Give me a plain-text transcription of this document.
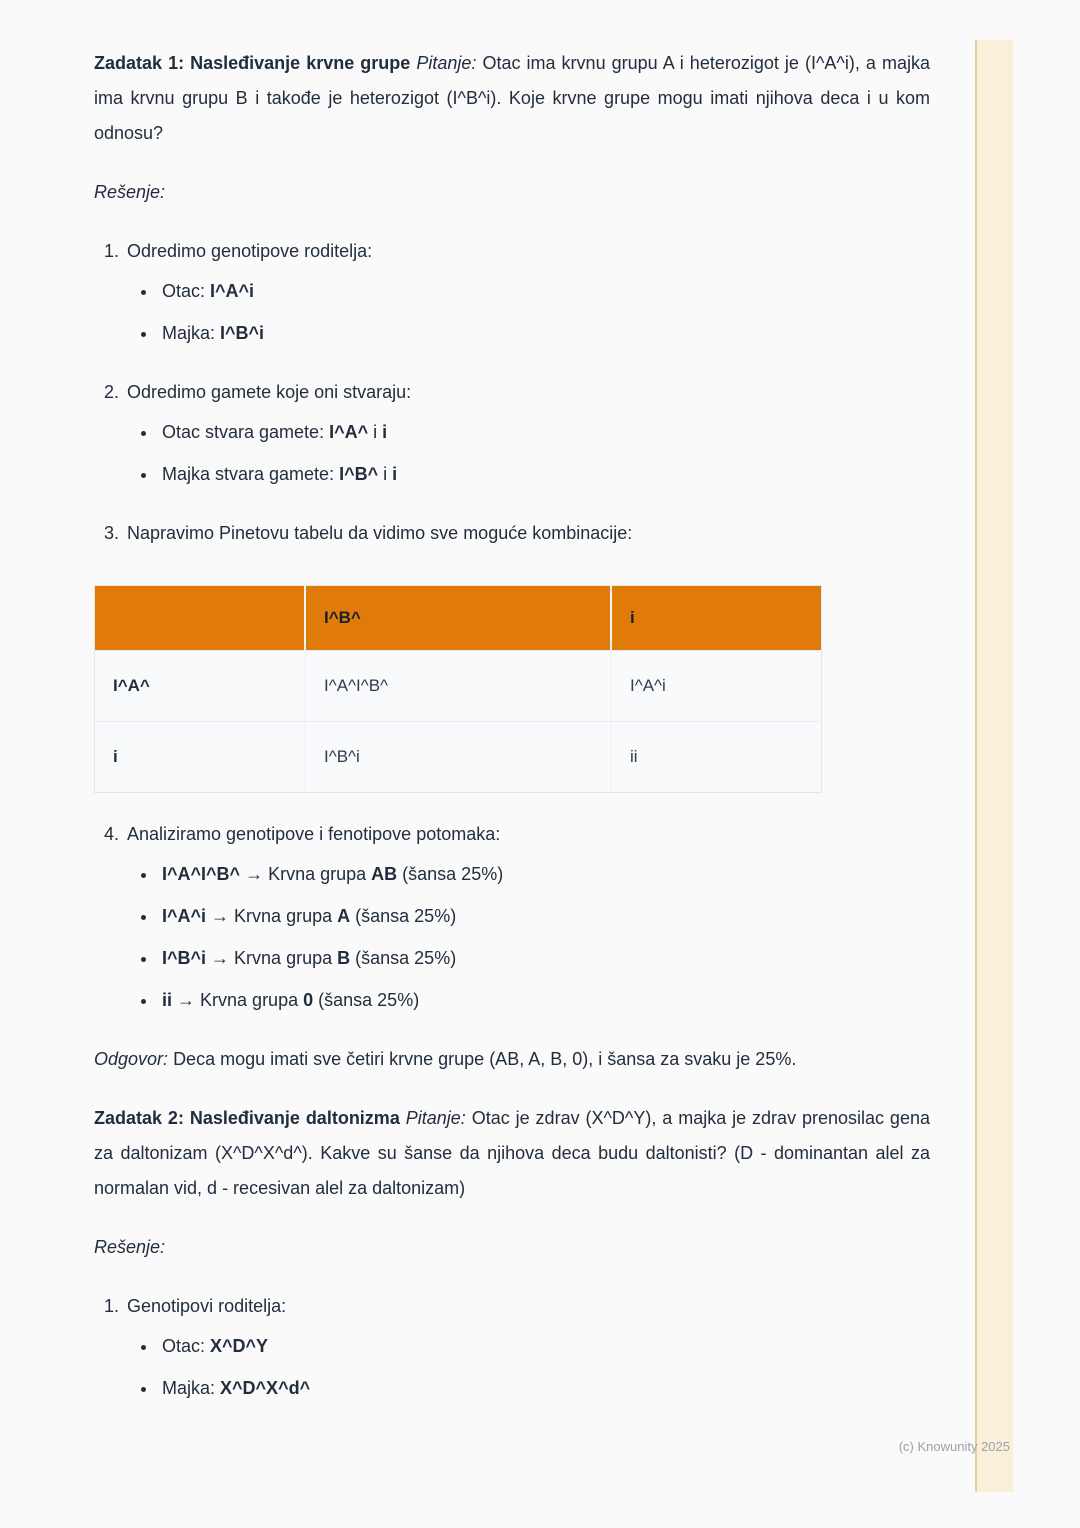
Zadatak 1: Nasleđivanje krvne grupe Pitanje: Otac ima krvnu grupu A i heterozigot je (I^A^i), a majka ima krvnu grupu B i takođe je heterozigot (I^B^i). Koje krvne grupe mogu imati njihova deca i u kom odnosu?

Rešenje:

1. Odredimo genotipove roditelja:
• Otac: I^A^i
• Majka: I^B^i
2. Odredimo gamete koje oni stvaraju:
• Otac stvara gamete: I^A^ i i
• Majka stvara gamete: I^B^ i i
3. Napravimo Pinetovu tabelu da vidimo sve moguće kombinacije:
	I^B^	i
I^A^	I^A^I^B^	I^A^i
i	I^B^i	ii
4. Analiziramo genotipove i fenotipove potomaka:
• I^A^I^B^ → Krvna grupa AB (šansa 25%)
• I^A^i → Krvna grupa A (šansa 25%)
• I^B^i → Krvna grupa B (šansa 25%)
• ii → Krvna grupa 0 (šansa 25%)

Odgovor: Deca mogu imati sve četiri krvne grupe (AB, A, B, 0), i šansa za svaku je 25%.

Zadatak 2: Nasleđivanje daltonizma Pitanje: Otac je zdrav (X^D^Y), a majka je zdrav prenosilac gena za daltonizam (X^D^X^d^). Kakve su šanse da njihova deca budu daltonisti? (D - dominantan alel za normalan vid, d - recesivan alel za daltonizam)

Rešenje:

1. Genotipovi roditelja:
• Otac: X^D^Y
• Majka: X^D^X^d^
(c) Knowunity 2025
